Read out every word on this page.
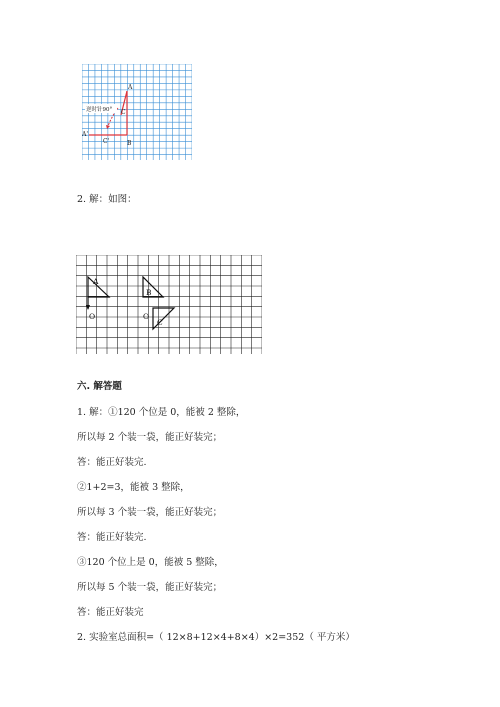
逆时针90°
A
C
B
A'
C'
2. 解：如图：
A
B
C
O	O
六. 解答题
1. 解：①120 个位是 0，能被 2 整除，
所以每 2 个装一袋，能正好装完；
答：能正好装完.
②1+2=3，能被 3 整除，
所以每 3 个装一袋，能正好装完；
答：能正好装完.
③120 个位上是 0，能被 5 整除，
所以每 5 个装一袋，能正好装完；
答：能正好装完
2. 实验室总面积=（ 12×8+12×4+8×4）×2=352（ 平方米）
